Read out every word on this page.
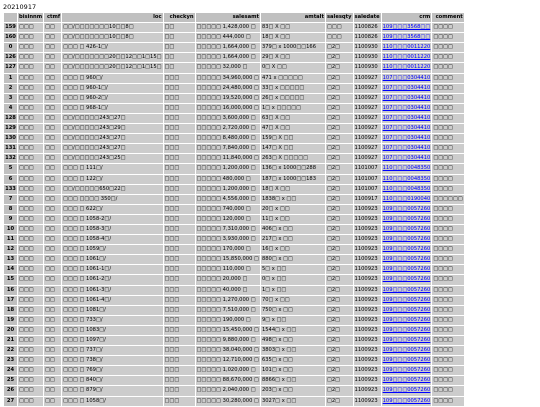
20210917
	bisinnm	ctmf	loc	checkyn	salesamt	amtalt	salesqty	saledate	crm	comment
159	□□□	□□	□□/□□□□□□□10□□8□	□□	□□□□□ 1,428,000 □	83□ X □□	□□□	1100826	109□□□3568□□	□□□□
160	□□□	□□	□□/□□□□□□□10□□8□	□□	□□□□□ 444,000 □	18□ X □□	□□□	1100826	109□□□3568□□	□□□□
0	□□□	□□	□□□ □ 426-1□/	□□	□□□□□ 1,664,000 □	379□ x 1000□□166	□2□	1100930	110□□□0011220	□□□□
126	□□□	□□	□□/□□□□□□□20□□12□□1□15□	□□	□□□□□ 1,664,000 □	29□ X □□	□2□	1100930	110□□□0011220	□□□□
127	□□□	□□	□□/□□□□□□□20□□12□□1□15□	□□	□□□□□ 32,000 □	0□ X □□	□2□	1100930	110□□□0011220	□□□□
1	□□□	□□	□□□ □ 960□/	□□□	□□□□□ 34,960,000 □	471 x □□□□□	□2□	1100927	107□□□0304410	□□□□
2	□□□	□□	□□□ □ 960-1□/	□□□	□□□□□ 24,480,000 □	33□ x □□□□□	□2□	1100927	107□□□0304410	□□□□
3	□□□	□□	□□□ □ 960-2□/	□□□	□□□□□ 19,520,000 □	26□ x □□□□□	□2□	1100927	107□□□0304410	□□□□
4	□□□	□□	□□□ □ 968-1□/	□□□	□□□□□ 16,000,000 □	1□ x □□□□□	□2□	1100927	107□□□0304410	□□□□
128	□□□	□□	□□/□□□□□243□27□	□□□	□□□□□ 3,600,000 □	63□ X □□	□2□	1100927	107□□□0304410	□□□□
129	□□□	□□	□□/□□□□□243□29□	□□□	□□□□□ 2,720,000 □	47□ X □□	□2□	1100927	107□□□0304410	□□□□
130	□□□	□□	□□/□□□□□243□27□	□□□	□□□□□ 8,480,000 □	159□ X □□	□2□	1100927	107□□□0304410	□□□□
131	□□□	□□	□□/□□□□□243□27□	□□□	□□□□□ 7,840,000 □	147□ X □□	□2□	1100927	107□□□0304410	□□□□
132	□□□	□□	□□/□□□□□243□25□	□□□	□□□□□ 11,840,000 □	263□ X □□□□□	□2□	1100927	107□□□0304410	□□□□
5	□□□	□□	□□□ □ 111□/	□□□	□□□□□ 1,200,000 □	136□ x 1000□□288	□2□	1101007	110□□□0048350	□□□□
6	□□□	□□	□□□ □ 122□/	□□□	□□□□□ 480,000 □	187□ x 1000□□183	□2□	1101007	110□□□0048350	□□□□
133	□□□	□□	□□/□□□□□650□22□	□□□	□□□□□ 1,200,000 □	18□ X □□	□2□	1101007	110□□□0048350	□□□□
7	□□□	□□	□□□ □□□□ 350□/	□□□	□□□□□ 4,556,000 □	1838□ x □□	□2□	1100917	110□□□0190040	□□□□□□
8	□□□	□□	□□□ □ 622□/	□□□	□□□□□ 740,000 □	20□ x □□	□2□	1100923	109□□□0057260	□□□□
9	□□□	□□	□□□ □ 1058-2□/	□□□	□□□□□ 120,000 □	11□ x □□	□2□	1100923	109□□□0057260	□□□□
10	□□□	□□	□□□ □ 1058-3□/	□□□	□□□□□ 7,310,000 □	406□ x □□	□2□	1100923	109□□□0057260	□□□□
11	□□□	□□	□□□ □ 1058-4□/	□□□	□□□□□ 3,930,000 □	217□ x □□	□2□	1100923	109□□□0057260	□□□□
12	□□□	□□	□□□ □ 1059□/	□□□	□□□□□ 170,000 □	16□ x □□	□2□	1100923	109□□□0057260	□□□□
13	□□□	□□	□□□ □ 1061□/	□□□	□□□□□ 15,850,000 □	880□ x □□	□2□	1100923	109□□□0057260	□□□□
14	□□□	□□	□□□ □ 1061-1□/	□□□	□□□□□ 110,000 □	5□ x □□	□2□	1100923	109□□□0057260	□□□□
15	□□□	□□	□□□ □ 1061-2□/	□□□	□□□□□ 20,000 □	0□ x □□	□2□	1100923	109□□□0057260	□□□□
16	□□□	□□	□□□ □ 1061-3□/	□□□	□□□□□ 40,000 □	1□ x □□	□2□	1100923	109□□□0057260	□□□□
17	□□□	□□	□□□ □ 1061-4□/	□□□	□□□□□ 1,270,000 □	70□ x □□	□2□	1100923	109□□□0057260	□□□□
18	□□□	□□	□□□ □ 1081□/	□□□	□□□□□ 7,510,000 □	750□ x □□	□2□	1100923	109□□□0057260	□□□□
19	□□□	□□	□□□ □ 733□/	□□□	□□□□□ 190,000 □	9□ x □□	□2□	1100923	109□□□0057260	□□□□
20	□□□	□□	□□□ □ 1083□/	□□□	□□□□□ 15,450,000 □	1544□ x □□	□2□	1100923	109□□□0057260	□□□□
21	□□□	□□	□□□ □ 1097□/	□□□	□□□□□ 9,880,000 □	498□ x □□	□2□	1100923	109□□□0057260	□□□□
22	□□□	□□	□□□ □ 737□/	□□□	□□□□□ 38,040,000 □	3803□ x □□	□2□	1100923	109□□□0057260	□□□□
23	□□□	□□	□□□ □ 738□/	□□□	□□□□□ 12,710,000 □	635□ x □□	□2□	1100923	109□□□0057260	□□□□
24	□□□	□□	□□□ □ 769□/	□□□	□□□□□ 1,020,000 □	101□ x □□	□2□	1100923	109□□□0057260	□□□□
25	□□□	□□	□□□ □ 840□/	□□□	□□□□□ 88,670,000 □	8866□ x □□	□2□	1100923	109□□□0057260	□□□□
26	□□□	□□	□□□ □ 879□/	□□□	□□□□□ 2,040,000 □	203□ x □□	□2□	1100923	109□□□0057260	□□□□
27	□□□	□□	□□□ □ 1058□/	□□□	□□□□□ 30,280,000 □	3027□ x □□	□2□	1100923	109□□□0057260	□□□□
